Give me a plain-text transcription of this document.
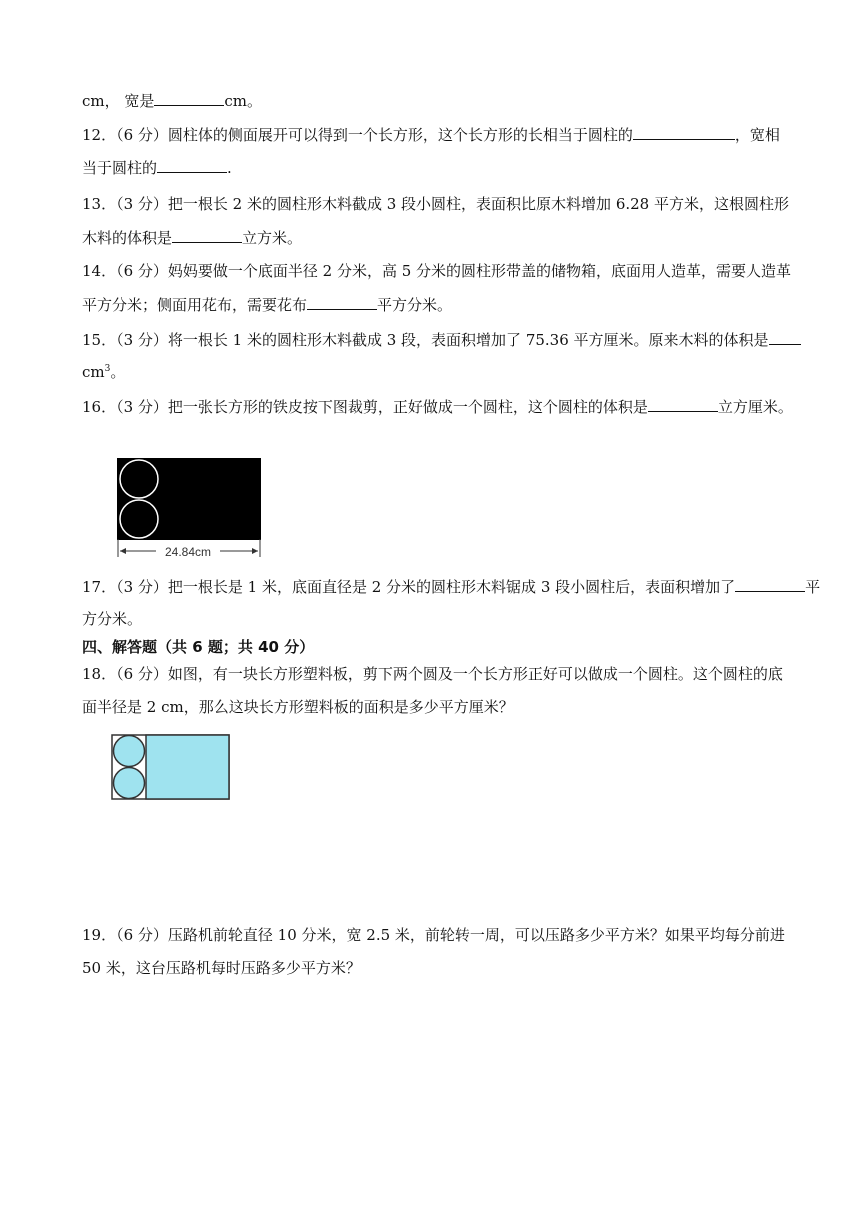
cm， 宽是	cm。
12．（6 分）圆柱体的侧面展开可以得到一个长方形，这个长方形的长相当于圆柱的	，宽相
当于圆柱的	.
13．（3 分）把一根长 2 米的圆柱形木料截成 3 段小圆柱，表面积比原木料增加 6.28 平方米，这根圆柱形
木料的体积是	立方米。
14．（6 分）妈妈要做一个底面半径 2 分米，高 5 分米的圆柱形带盖的储物箱，底面用人造革，需要人造革
平方分米；侧面用花布，需要花布	平方分米。
15．（3 分）将一根长 1 米的圆柱形木料截成 3 段，表面积增加了 75.36 平方厘米。原来木料的体积是
$cm^3$。
16．（3 分）把一张长方形的铁皮按下图裁剪，正好做成一个圆柱，这个圆柱的体积是	立方厘米。
24.84cm
17．（3 分）把一根长是 1 米，底面直径是 2 分米的圆柱形木料锯成 3 段小圆柱后，表面积增加了	平
方分米。
四、解答题（共 6 题；共 40 分）
18．（6 分）如图，有一块长方形塑料板，剪下两个圆及一个长方形正好可以做成一个圆柱。这个圆柱的底
面半径是 2 cm，那么这块长方形塑料板的面积是多少平方厘米？
19．（6 分）压路机前轮直径 10 分米，宽 2.5 米，前轮转一周，可以压路多少平方米？如果平均每分前进
50 米，这台压路机每时压路多少平方米？
